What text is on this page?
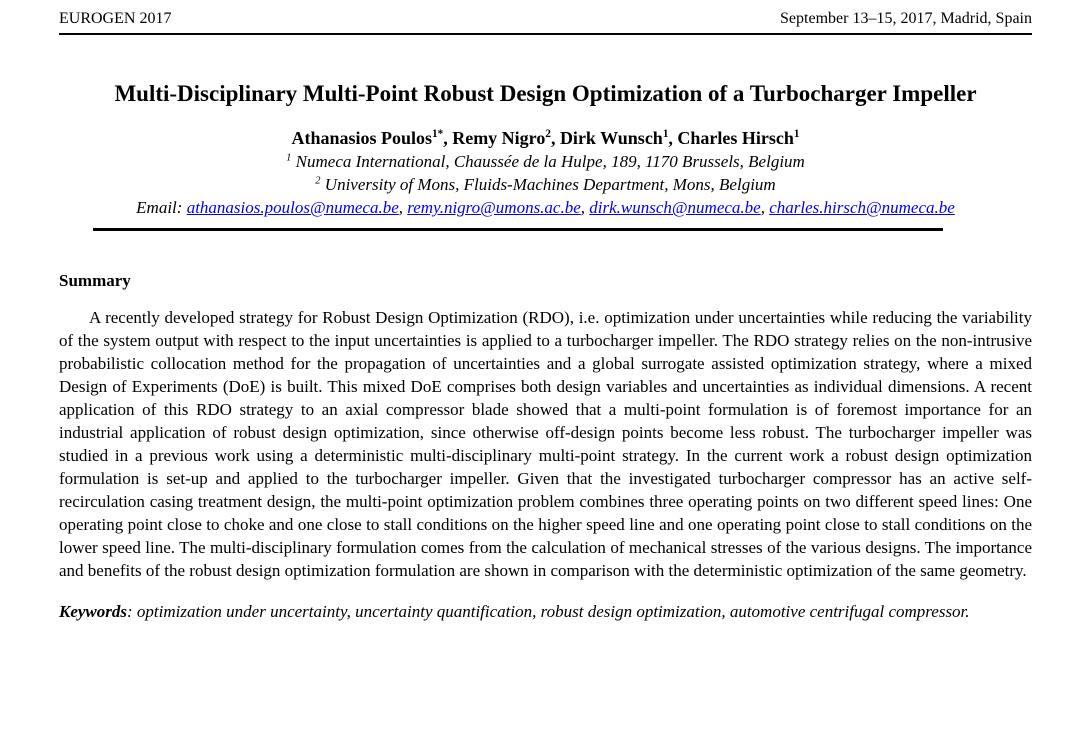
EUROGEN 2017	September 13–15, 2017, Madrid, Spain
Multi-Disciplinary Multi-Point Robust Design Optimization of a Turbocharger Impeller
Athanasios Poulos$^{1*}$, Remy Nigro$^2$, Dirk Wunsch$^1$, Charles Hirsch$^1$
$^1$ Numeca International, Chaussée de la Hulpe, 189, 1170 Brussels, Belgium
$^2$ University of Mons, Fluids-Machines Department, Mons, Belgium
Email: athanasios.poulos@numeca.be, remy.nigro@umons.ac.be, dirk.wunsch@numeca.be, charles.hirsch@numeca.be
Summary

A recently developed strategy for Robust Design Optimization (RDO), i.e. optimization under uncertainties while reducing the variability of the system output with respect to the input uncertainties is applied to a turbocharger impeller. The RDO strategy relies on the non-intrusive probabilistic collocation method for the propagation of uncertainties and a global surrogate assisted optimization strategy, where a mixed Design of Experiments (DoE) is built. This mixed DoE comprises both design variables and uncertainties as individual dimensions. A recent application of this RDO strategy to an axial compressor blade showed that a multi-point formulation is of foremost importance for an industrial application of robust design optimization, since otherwise off-design points become less robust. The turbocharger impeller was studied in a previous work using a deterministic multi-disciplinary multi-point strategy. In the current work a robust design optimization formulation is set-up and applied to the turbocharger impeller. Given that the investigated turbocharger compressor has an active self-recirculation casing treatment design, the multi-point optimization problem combines three operating points on two different speed lines: One operating point close to choke and one close to stall conditions on the higher speed line and one operating point close to stall conditions on the lower speed line. The multi-disciplinary formulation comes from the calculation of mechanical stresses of the various designs. The importance and benefits of the robust design optimization formulation are shown in comparison with the deterministic optimization of the same geometry.

Keywords: optimization under uncertainty, uncertainty quantification, robust design optimization, automotive centrifugal compressor.
